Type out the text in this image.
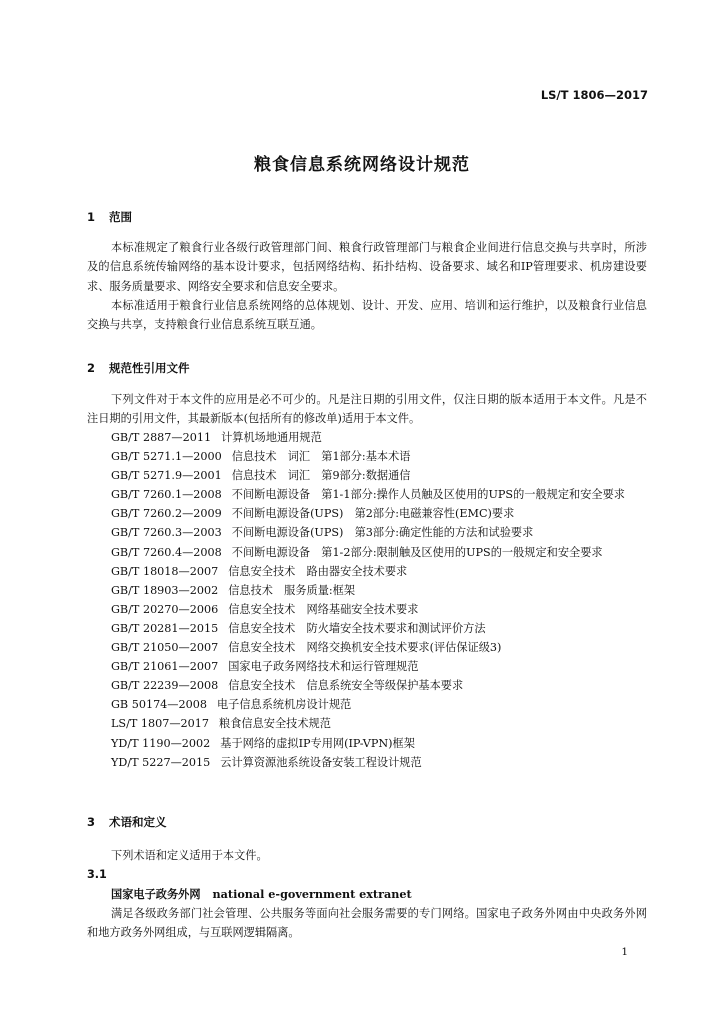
LS/T 1806—2017
粮食信息系统网络设计规范
1 范围
本标准规定了粮食行业各级行政管理部门间、粮食行政管理部门与粮食企业间进行信息交换与共享时，所涉及的信息系统传输网络的基本设计要求，包括网络结构、拓扑结构、设备要求、域名和IP管理要求、机房建设要求、服务质量要求、网络安全要求和信息安全要求。
本标准适用于粮食行业信息系统网络的总体规划、设计、开发、应用、培训和运行维护，以及粮食行业信息交换与共享，支持粮食行业信息系统互联互通。
2 规范性引用文件
下列文件对于本文件的应用是必不可少的。凡是注日期的引用文件，仅注日期的版本适用于本文件。凡是不注日期的引用文件，其最新版本(包括所有的修改单)适用于本文件。
GB/T 2887—2011 计算机场地通用规范
GB/T 5271.1—2000 信息技术　词汇　第1部分:基本术语
GB/T 5271.9—2001 信息技术　词汇　第9部分:数据通信
GB/T 7260.1—2008 不间断电源设备　第1-1部分:操作人员触及区使用的UPS的一般规定和安全要求
GB/T 7260.2—2009 不间断电源设备(UPS)　第2部分:电磁兼容性(EMC)要求
GB/T 7260.3—2003 不间断电源设备(UPS)　第3部分:确定性能的方法和试验要求
GB/T 7260.4—2008 不间断电源设备　第1-2部分:限制触及区使用的UPS的一般规定和安全要求
GB/T 18018—2007 信息安全技术　路由器安全技术要求
GB/T 18903—2002 信息技术　服务质量:框架
GB/T 20270—2006 信息安全技术　网络基础安全技术要求
GB/T 20281—2015 信息安全技术　防火墙安全技术要求和测试评价方法
GB/T 21050—2007 信息安全技术　网络交换机安全技术要求(评估保证级3)
GB/T 21061—2007 国家电子政务网络技术和运行管理规范
GB/T 22239—2008 信息安全技术　信息系统安全等级保护基本要求
GB 50174—2008 电子信息系统机房设计规范
LS/T 1807—2017 粮食信息安全技术规范
YD/T 1190—2002 基于网络的虚拟IP专用网(IP-VPN)框架
YD/T 5227—2015 云计算资源池系统设备安装工程设计规范
3 术语和定义
下列术语和定义适用于本文件。
3.1
国家电子政务外网 national e-government extranet
满足各级政务部门社会管理、公共服务等面向社会服务需要的专门网络。国家电子政务外网由中央政务外网和地方政务外网组成，与互联网逻辑隔离。
1
